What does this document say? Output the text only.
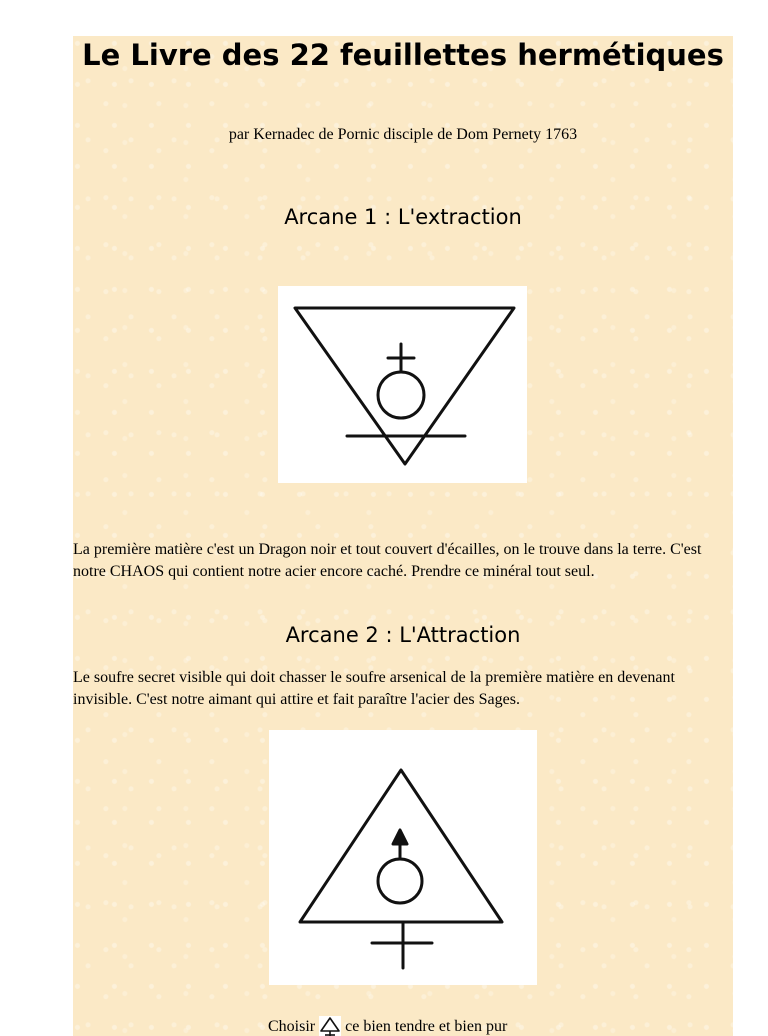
Le Livre des 22 feuillettes hermétiques
par Kernadec de Pornic disciple de Dom Pernety 1763
Arcane 1 : L'extraction

La première matière c'est un Dragon noir et tout couvert d'écailles, on le trouve dans la terre. C'est notre CHAOS qui contient notre acier encore caché. Prendre ce minéral tout seul.

Arcane 2 : L'Attraction

Le soufre secret visible qui doit chasser le soufre arsenical de la première matière en devenant invisible. C'est notre aimant qui attire et fait paraître l'acier des Sages.

Choisir ce bien tendre et bien pur
